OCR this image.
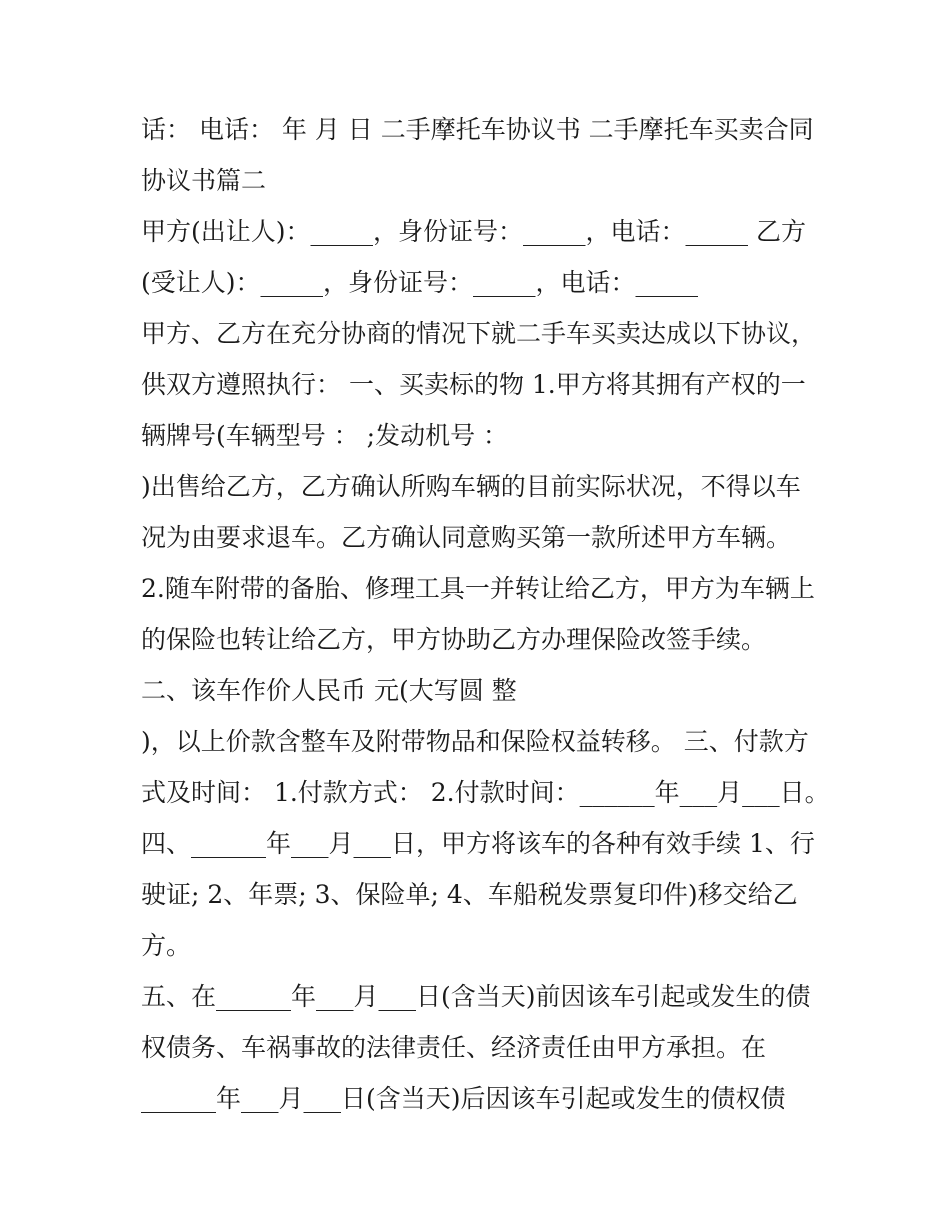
话： 电话： 年 月 日 二手摩托车协议书 二手摩托车买卖合同
协议书篇二
甲方(出让人)：_____，身份证号：_____，电话：_____ 乙方
(受让人)：_____，身份证号：_____，电话：_____
甲方、乙方在充分协商的情况下就二手车买卖达成以下协议，
供双方遵照执行： 一、买卖标的物 1.甲方将其拥有产权的一
辆牌号(车辆型号 ： ;发动机号 ：
)出售给乙方，乙方确认所购车辆的目前实际状况，不得以车
况为由要求退车。乙方确认同意购买第一款所述甲方车辆。
2.随车附带的备胎、修理工具一并转让给乙方，甲方为车辆上
的保险也转让给乙方，甲方协助乙方办理保险改签手续。
二、该车作价人民币 元(大写圆 整
)，以上价款含整车及附带物品和保险权益转移。 三、付款方
式及时间： 1.付款方式： 2.付款时间：______年___月___日。
四、______年___月___日，甲方将该车的各种有效手续 1、行
驶证; 2、年票; 3、保险单; 4、车船税发票复印件)移交给乙
方。
五、在______年___月___日(含当天)前因该车引起或发生的债
权债务、车祸事故的法律责任、经济责任由甲方承担。在
______年___月___日(含当天)后因该车引起或发生的债权债
